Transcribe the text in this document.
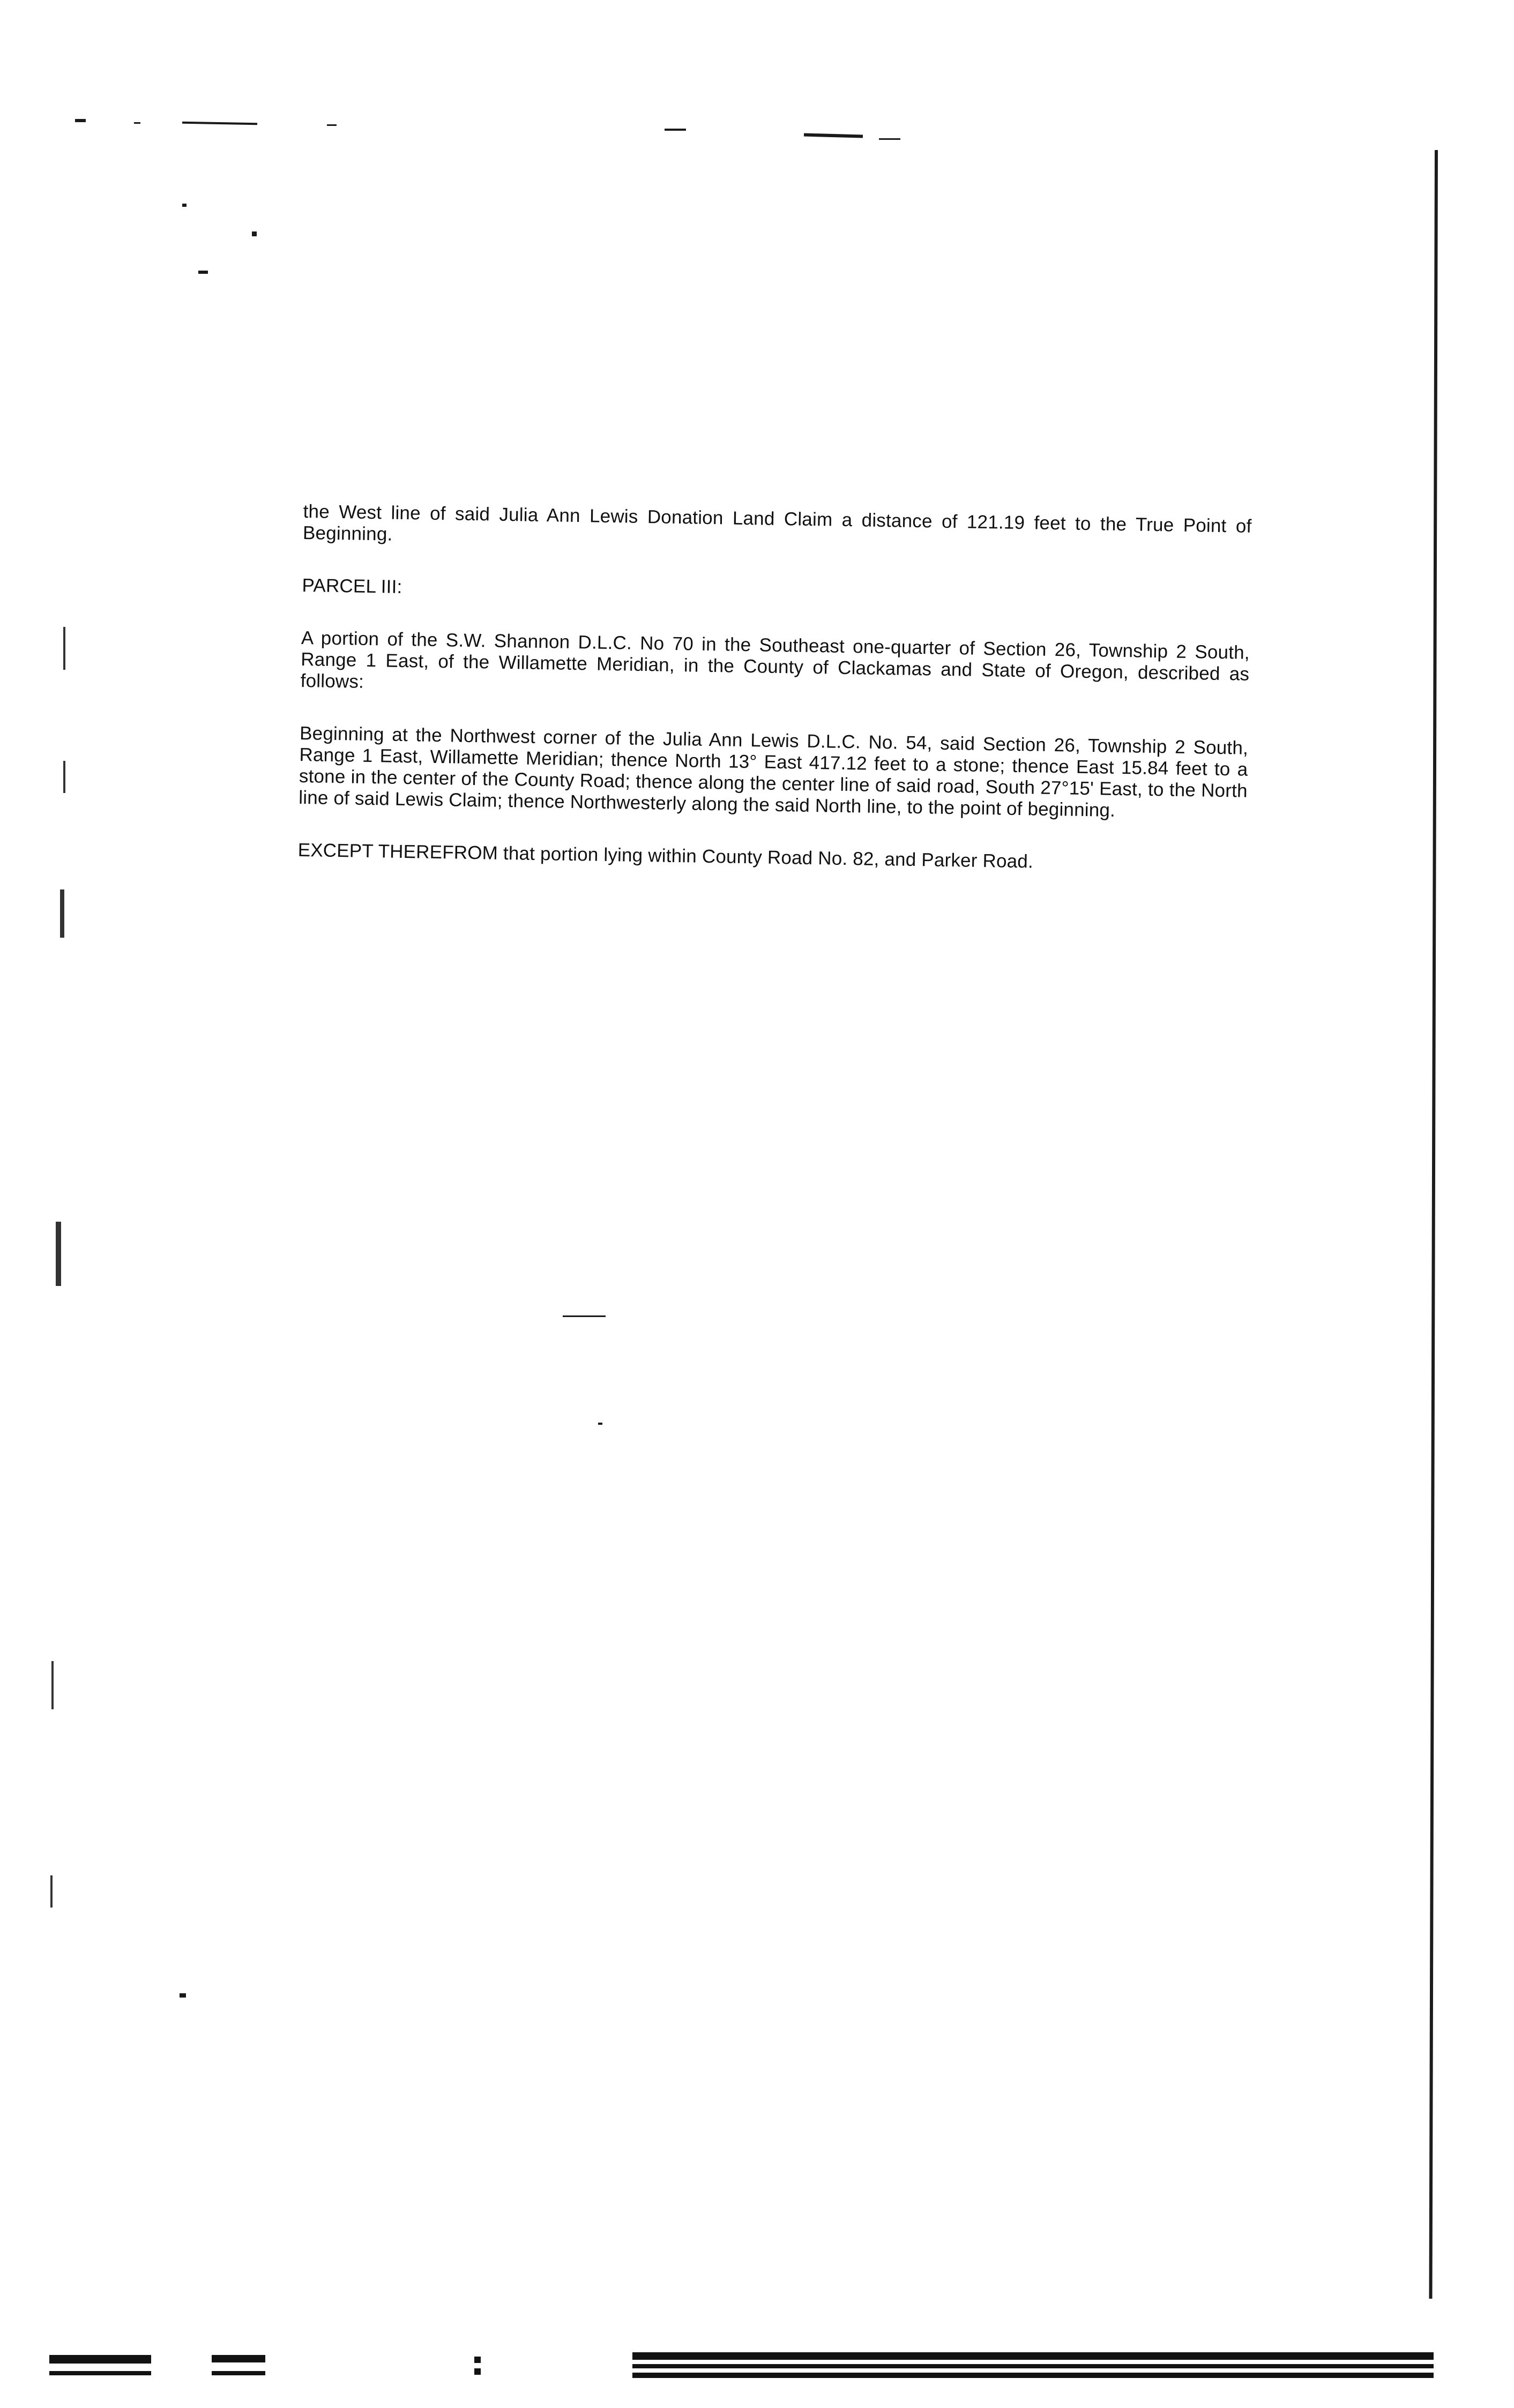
the West line of said Julia Ann Lewis Donation Land Claim a distance of 121.19 feet to the True Point of Beginning.

PARCEL III:

A portion of the S.W. Shannon D.L.C. No 70 in the Southeast one-quarter of Section 26, Township 2 South, Range 1 East, of the Willamette Meridian, in the County of Clackamas and State of Oregon, described as follows:

Beginning at the Northwest corner of the Julia Ann Lewis D.L.C. No. 54, said Section 26, Township 2 South, Range 1 East, Willamette Meridian; thence North 13° East 417.12 feet to a stone; thence East 15.84 feet to a stone in the center of the County Road; thence along the center line of said road, South 27°15' East, to the North line of said Lewis Claim; thence Northwesterly along the said North line, to the point of beginning.

EXCEPT THEREFROM that portion lying within County Road No. 82, and Parker Road.
